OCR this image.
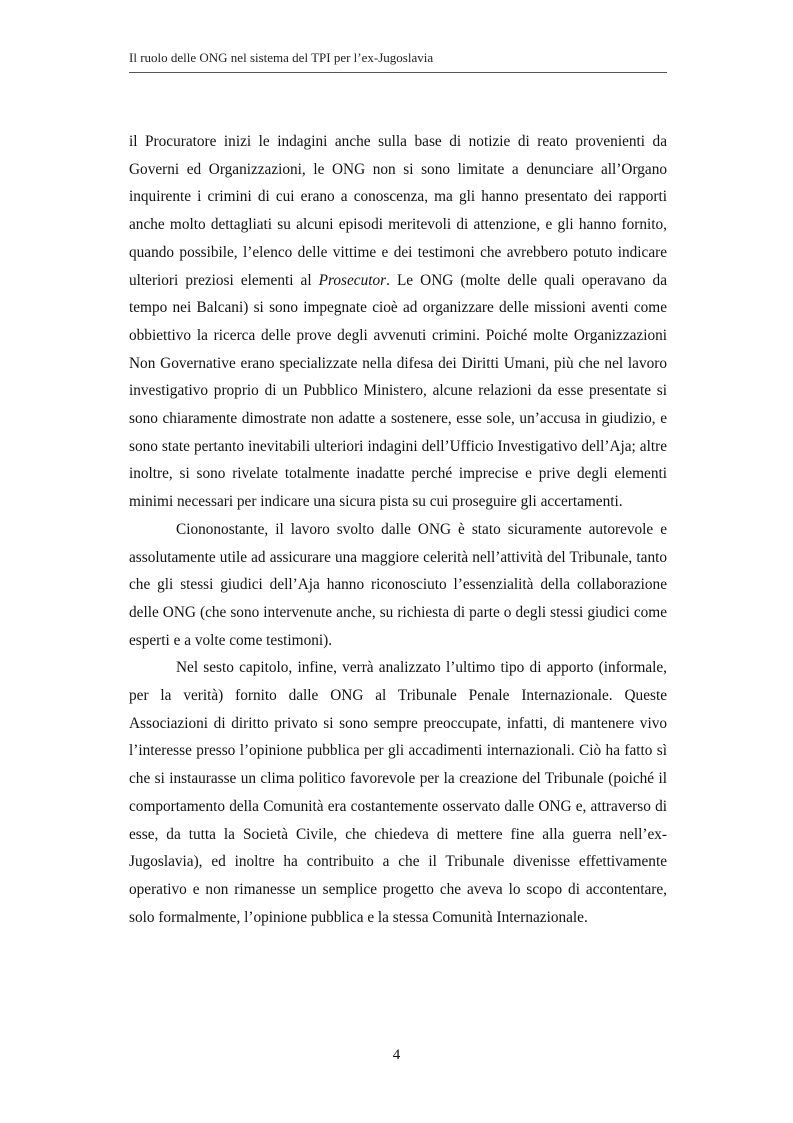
Il ruolo delle ONG nel sistema del TPI per l’ex-Jugoslavia

il Procuratore inizi le indagini anche sulla base di notizie di reato provenienti da Governi ed Organizzazioni, le ONG non si sono limitate a denunciare all’Organo inquirente i crimini di cui erano a conoscenza, ma gli hanno presentato dei rapporti anche molto dettagliati su alcuni episodi meritevoli di attenzione, e gli hanno fornito, quando possibile, l’elenco delle vittime e dei testimoni che avrebbero potuto indicare ulteriori preziosi elementi al Prosecutor. Le ONG (molte delle quali operavano da tempo nei Balcani) si sono impegnate cioè ad organizzare delle missioni aventi come obbiettivo la ricerca delle prove degli avvenuti crimini. Poiché molte Organizzazioni Non Governative erano specializzate nella difesa dei Diritti Umani, più che nel lavoro investigativo proprio di un Pubblico Ministero, alcune relazioni da esse presentate si sono chiaramente dimostrate non adatte a sostenere, esse sole, un’accusa in giudizio, e sono state pertanto inevitabili ulteriori indagini dell’Ufficio Investigativo dell’Aja; altre inoltre, si sono rivelate totalmente inadatte perché imprecise e prive degli elementi minimi necessari per indicare una sicura pista su cui proseguire gli accertamenti.

Ciononostante, il lavoro svolto dalle ONG è stato sicuramente autorevole e assolutamente utile ad assicurare una maggiore celerità nell’attività del Tribunale, tanto che gli stessi giudici dell’Aja hanno riconosciuto l’essenzialità della collaborazione delle ONG (che sono intervenute anche, su richiesta di parte o degli stessi giudici come esperti e a volte come testimoni).

Nel sesto capitolo, infine, verrà analizzato l’ultimo tipo di apporto (informale, per la verità) fornito dalle ONG al Tribunale Penale Internazionale. Queste Associazioni di diritto privato si sono sempre preoccupate, infatti, di mantenere vivo l’interesse presso l’opinione pubblica per gli accadimenti internazionali. Ciò ha fatto sì che si instaurasse un clima politico favorevole per la creazione del Tribunale (poiché il comportamento della Comunità era costantemente osservato dalle ONG e, attraverso di esse, da tutta la Società Civile, che chiedeva di mettere fine alla guerra nell’ex-Jugoslavia), ed inoltre ha contribuito a che il Tribunale divenisse effettivamente operativo e non rimanesse un semplice progetto che aveva lo scopo di accontentare, solo formalmente, l’opinione pubblica e la stessa Comunità Internazionale.

4
